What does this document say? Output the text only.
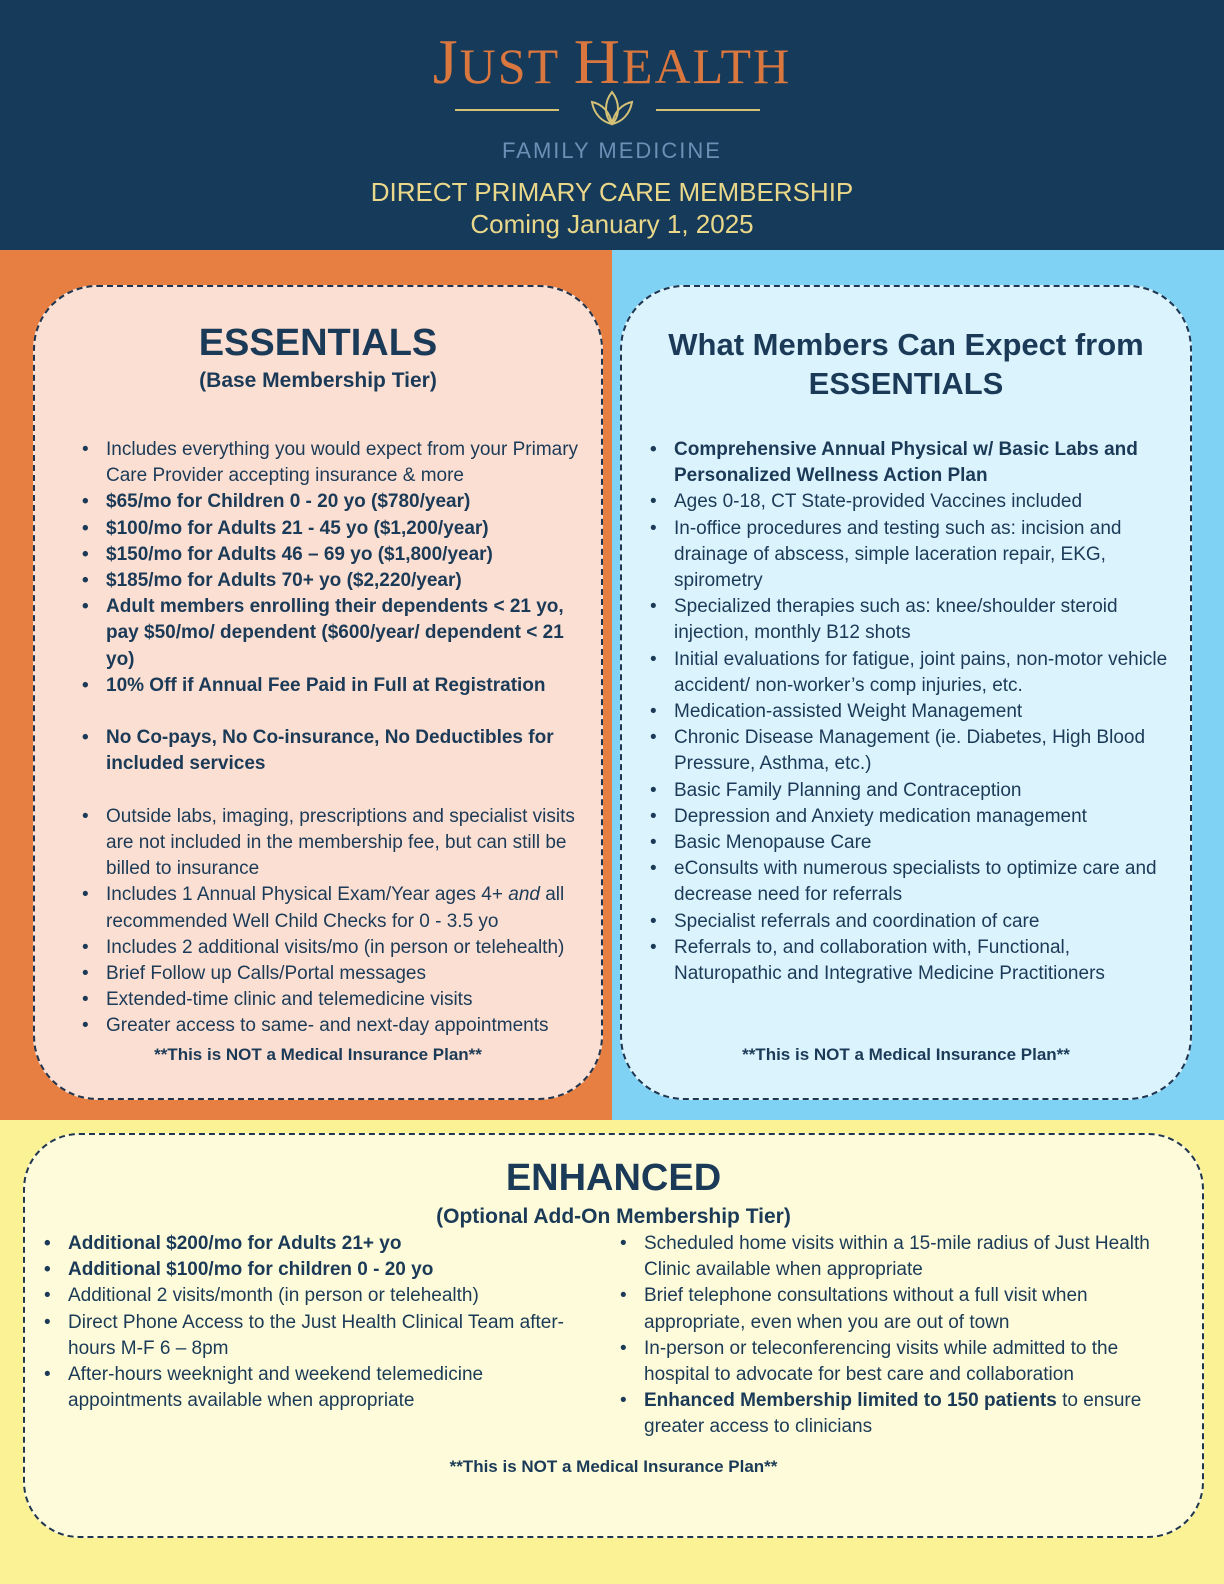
JUST HEALTH
FAMILY MEDICINE
DIRECT PRIMARY CARE MEMBERSHIP
Coming January 1, 2025
ESSENTIALS
(Base Membership Tier)
• Includes everything you would expect from your Primary Care Provider accepting insurance & more
• $65/mo for Children 0 - 20 yo ($780/year)
• $100/mo for Adults 21 - 45 yo ($1,200/year)
• $150/mo for Adults 46 – 69 yo ($1,800/year)
• $185/mo for Adults 70+ yo ($2,220/year)
• Adult members enrolling their dependents < 21 yo, pay $50/mo/ dependent ($600/year/ dependent < 21 yo)
• 10% Off if Annual Fee Paid in Full at Registration
• No Co-pays, No Co-insurance, No Deductibles for included services
• Outside labs, imaging, prescriptions and specialist visits are not included in the membership fee, but can still be billed to insurance
• Includes 1 Annual Physical Exam/Year ages 4+ and all recommended Well Child Checks for 0 - 3.5 yo
• Includes 2 additional visits/mo (in person or telehealth)
• Brief Follow up Calls/Portal messages
• Extended-time clinic and telemedicine visits
• Greater access to same- and next-day appointments
**This is NOT a Medical Insurance Plan**
What Members Can Expect from
ESSENTIALS
• Comprehensive Annual Physical w/ Basic Labs and Personalized Wellness Action Plan
• Ages 0-18, CT State-provided Vaccines included
• In-office procedures and testing such as: incision and drainage of abscess, simple laceration repair, EKG, spirometry
• Specialized therapies such as: knee/shoulder steroid injection, monthly B12 shots
• Initial evaluations for fatigue, joint pains, non-motor vehicle accident/ non-worker’s comp injuries, etc.
• Medication-assisted Weight Management
• Chronic Disease Management (ie. Diabetes, High Blood Pressure, Asthma, etc.)
• Basic Family Planning and Contraception
• Depression and Anxiety medication management
• Basic Menopause Care
• eConsults with numerous specialists to optimize care and decrease need for referrals
• Specialist referrals and coordination of care
• Referrals to, and collaboration with, Functional, Naturopathic and Integrative Medicine Practitioners
**This is NOT a Medical Insurance Plan**
ENHANCED
(Optional Add-On Membership Tier)
• Additional $200/mo for Adults 21+ yo
• Additional $100/mo for children 0 - 20 yo
• Additional 2 visits/month (in person or telehealth)
• Direct Phone Access to the Just Health Clinical Team after-hours M-F 6 – 8pm
• After-hours weeknight and weekend telemedicine appointments available when appropriate
• Scheduled home visits within a 15-mile radius of Just Health Clinic available when appropriate
• Brief telephone consultations without a full visit when appropriate, even when you are out of town
• In-person or teleconferencing visits while admitted to the hospital to advocate for best care and collaboration
• Enhanced Membership limited to 150 patients to ensure greater access to clinicians
**This is NOT a Medical Insurance Plan**
